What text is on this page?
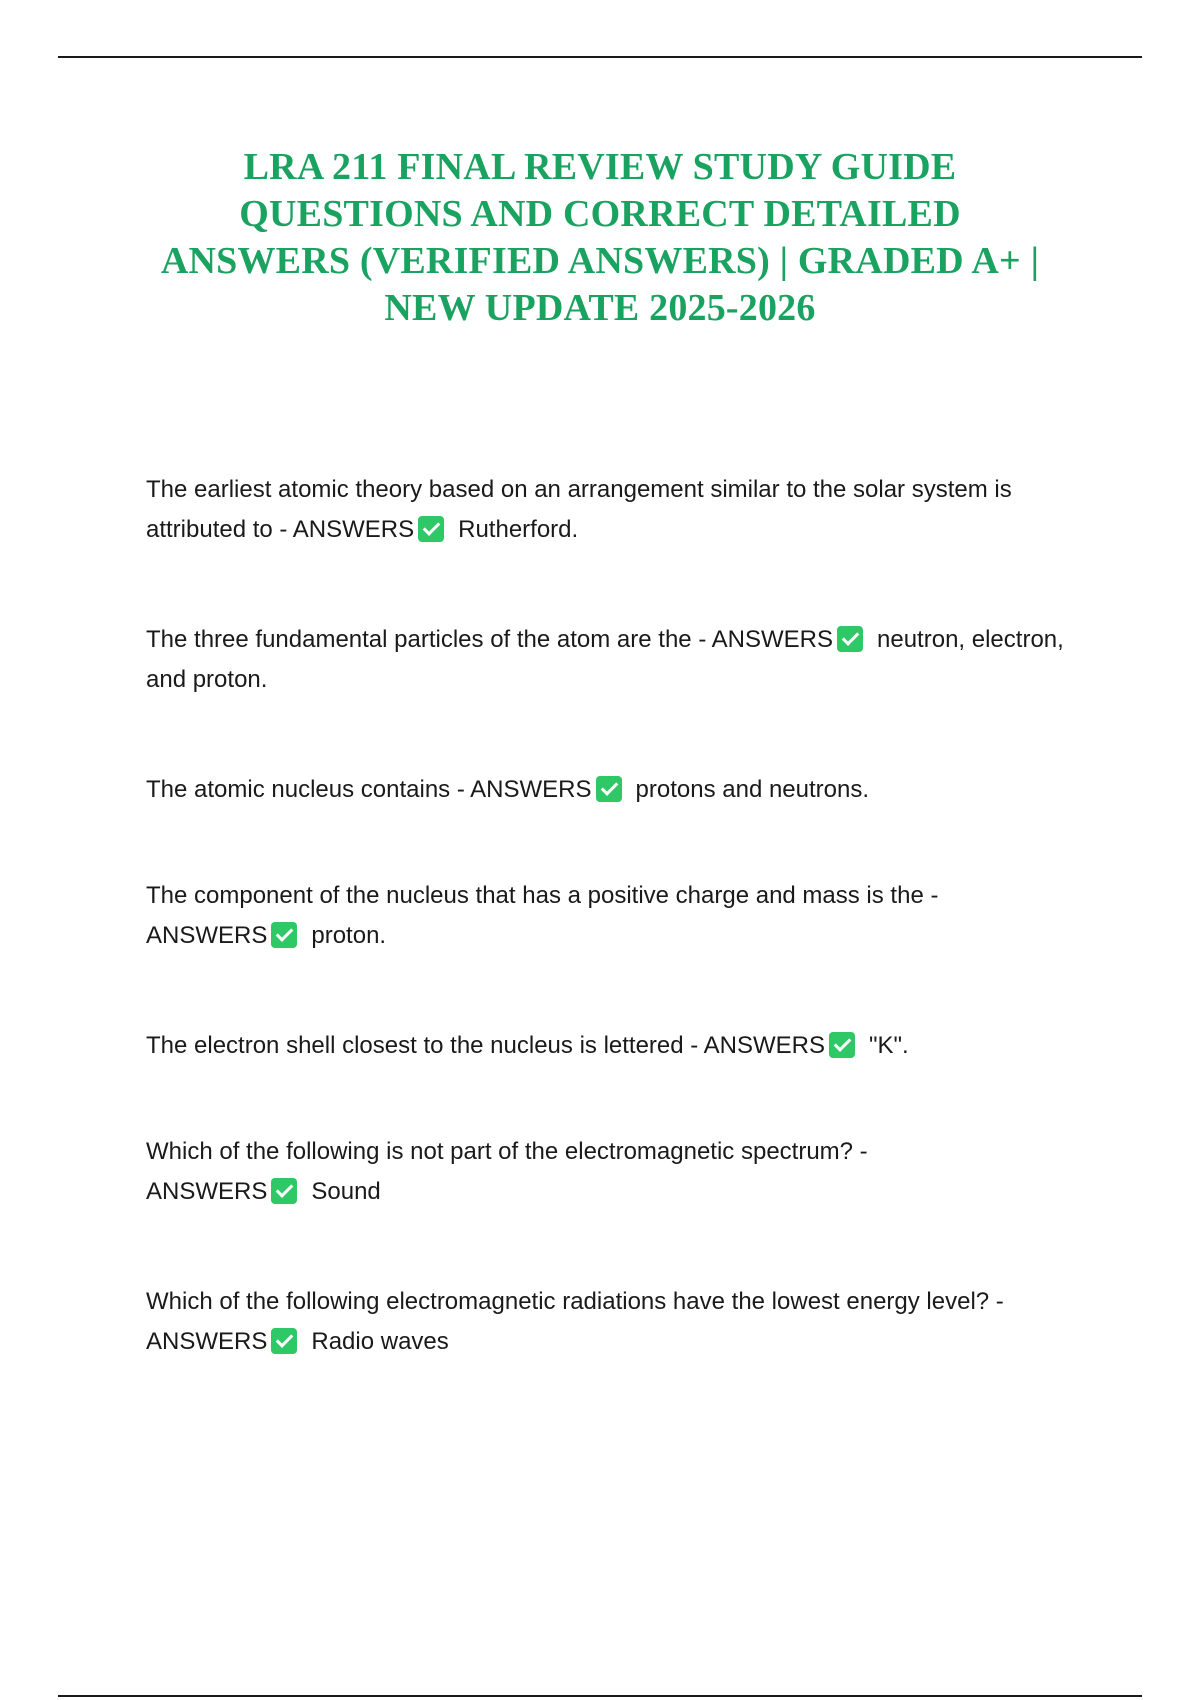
LRA 211 FINAL REVIEW STUDY GUIDE QUESTIONS AND CORRECT DETAILED ANSWERS (VERIFIED ANSWERS) | GRADED A+ | NEW UPDATE 2025-2026
The earliest atomic theory based on an arrangement similar to the solar system is attributed to - ANSWERS Rutherford.
The three fundamental particles of the atom are the - ANSWERS neutron, electron, and proton.
The atomic nucleus contains - ANSWERS protons and neutrons.
The component of the nucleus that has a positive charge and mass is the -
ANSWERS proton.
The electron shell closest to the nucleus is lettered - ANSWERS "K".
Which of the following is not part of the electromagnetic spectrum? -
ANSWERS Sound
Which of the following electromagnetic radiations have the lowest energy level? -
ANSWERS Radio waves
